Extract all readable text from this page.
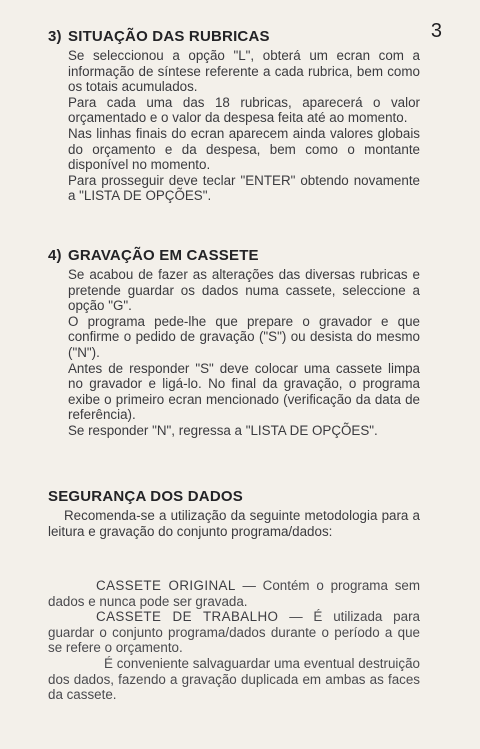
3
3) SITUAÇÃO DAS RUBRICAS

Se seleccionou a opção "L", obterá um ecran com a informação de síntese referente a cada rubrica, bem como os totais acumulados.

Para cada uma das 18 rubricas, aparecerá o valor orçamentado e o valor da despesa feita até ao momento.

Nas linhas finais do ecran aparecem ainda valores globais do orçamento e da despesa, bem como o montante disponível no momento.

Para prosseguir deve teclar "ENTER" obtendo novamente a "LISTA DE OPÇÕES".

4) GRAVAÇÃO EM CASSETE

Se acabou de fazer as alterações das diversas rubricas e pretende guardar os dados numa cassete, seleccione a opção "G".

O programa pede-lhe que prepare o gravador e que confirme o pedido de gravação ("S") ou desista do mesmo ("N").

Antes de responder "S" deve colocar uma cassete limpa no gravador e ligá-lo. No final da gravação, o programa exibe o primeiro ecran mencionado (verificação da data de referência).

Se responder "N", regressa a "LISTA DE OPÇÕES".

SEGURANÇA DOS DADOS

Recomenda-se a utilização da seguinte metodologia para a leitura e gravação do conjunto programa/dados:

CASSETE ORIGINAL — Contém o programa sem dados e nunca pode ser gravada.

CASSETE DE TRABALHO — É utilizada para guardar o conjunto programa/dados durante o período a que se refere o orçamento.

É conveniente salvaguardar uma eventual destruição dos dados, fazendo a gravação duplicada em ambas as faces da cassete.
